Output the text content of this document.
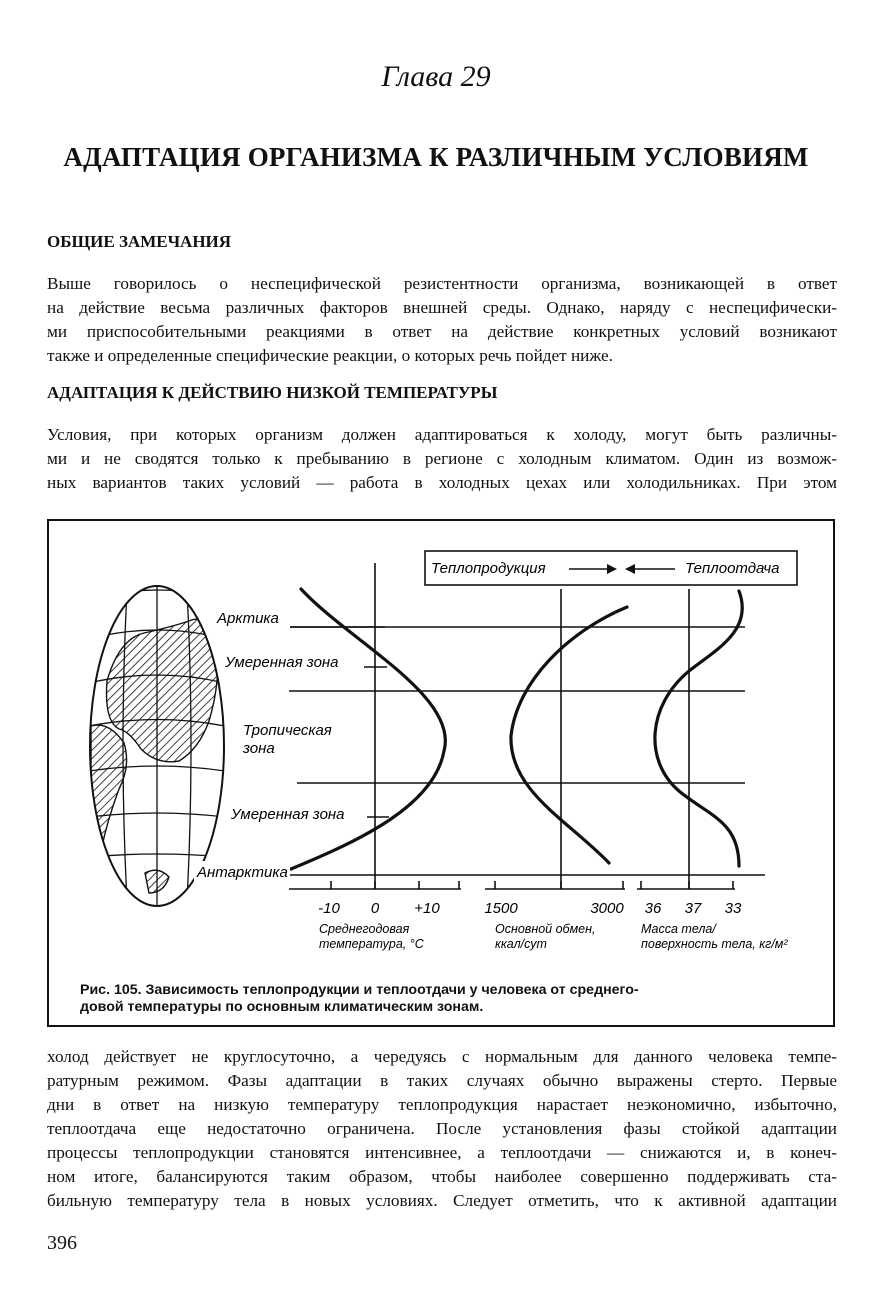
Глава 29
АДАПТАЦИЯ ОРГАНИЗМА К РАЗЛИЧНЫМ УСЛОВИЯМ
ОБЩИЕ ЗАМЕЧАНИЯ
Выше говорилось о неспецифической резистентности организма, возникающей в ответ
на действие весьма различных факторов внешней среды. Однако, наряду с неспецифически-
ми приспособительными реакциями в ответ на действие конкретных условий возникают
также и определенные специфические реакции, о которых речь пойдет ниже.
АДАПТАЦИЯ К ДЕЙСТВИЮ НИЗКОЙ ТЕМПЕРАТУРЫ
Условия, при которых организм должен адаптироваться к холоду, могут быть различны-
ми и не сводятся только к пребыванию в регионе с холодным климатом. Один из возмож-
ных вариантов таких условий — работа в холодных цехах или холодильниках. При этом
Теплопродукция	Теплоотдача
Арктика
Умеренная зона
Тропическая
зона
Умеренная зона
Антарктика
-10 0 +10	1500	3000 36 37 33
Среднегодовая
температура, °С
Основной обмен,
ккал/сут
Масса тела/
поверхность тела, кг/м²
Рис. 105. Зависимость теплопродукции и теплоотдачи у человека от среднего-
довой температуры по основным климатическим зонам.
холод действует не круглосуточно, а чередуясь с нормальным для данного человека темпе-
ратурным режимом. Фазы адаптации в таких случаях обычно выражены стерто. Первые
дни в ответ на низкую температуру теплопродукция нарастает неэкономично, избыточно,
теплоотдача еще недостаточно ограничена. После установления фазы стойкой адаптации
процессы теплопродукции становятся интенсивнее, а теплоотдачи — снижаются и, в конеч-
ном итоге, балансируются таким образом, чтобы наиболее совершенно поддерживать ста-
бильную температуру тела в новых условиях. Следует отметить, что к активной адаптации
396
